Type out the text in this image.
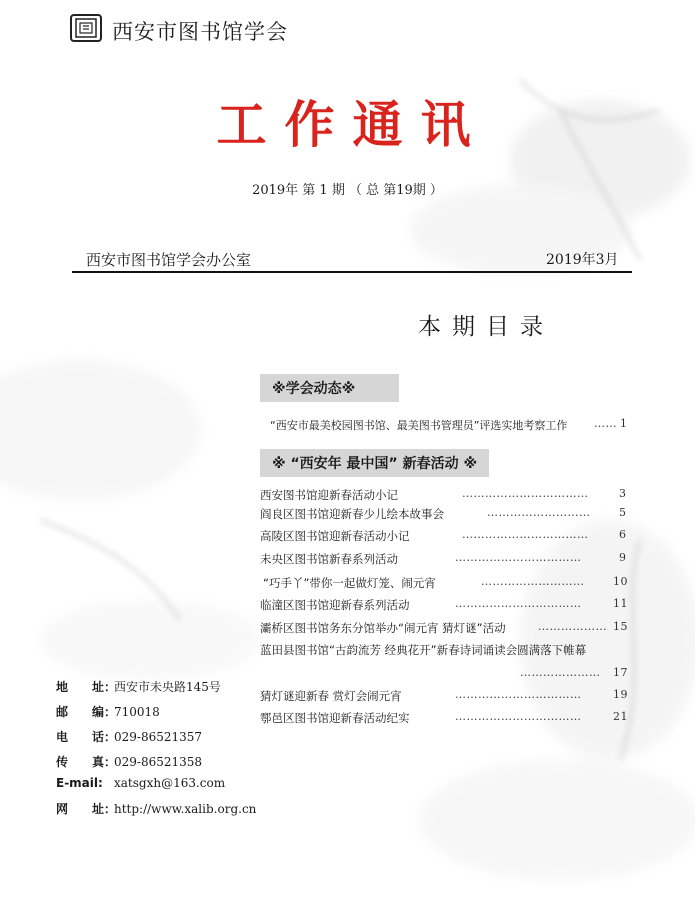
西安市图书馆学会
工作通讯
2019年 第 1 期 （ 总 第19期 ）
西安市图书馆学会办公室	2019年3月
本期目录
※学会动态※
“西安市最美校园图书馆、最美图书管理员”评选实地考察工作 …… 1
※ “西安年 最中国” 新春活动 ※
西安图书馆迎新春活动小记	……………………………	3
阎良区图书馆迎新春少儿绘本故事会	………………………	5
高陵区图书馆迎新春活动小记	……………………………	6
未央区图书馆新春系列活动	……………………………	9
“巧手丫”带你一起做灯笼、闹元宵	………………………	10
临潼区图书馆迎新春系列活动	……………………………	11
灞桥区图书馆务东分馆举办“闹元宵 猜灯谜”活动	……………… 15
蓝田县图书馆“古韵流芳 经典花开”新春诗词诵读会圆满落下帷幕
………………… 17
猜灯谜迎新春 赏灯会闹元宵	……………………………	19
鄠邑区图书馆迎新春活动纪实	……………………………	21
地　　址：西安市未央路145号
邮　　编：710018
电　　话：029-86521357
传　　真：029-86521358
E-mail: xatsgxh@163.com
网　　址：http://www.xalib.org.cn
